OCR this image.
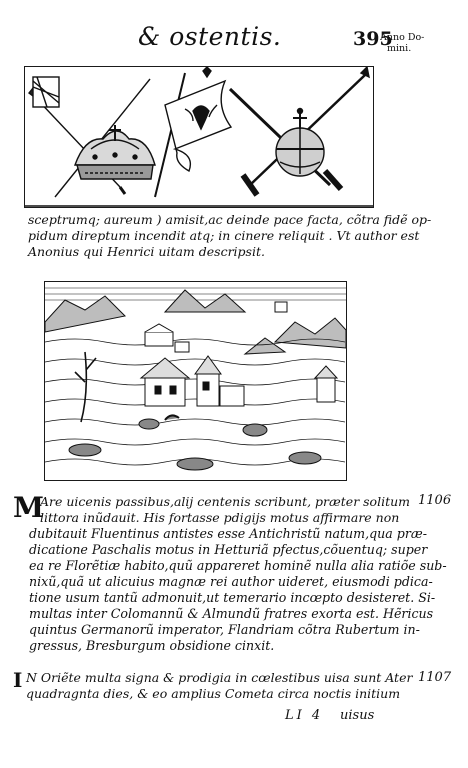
& ostentis.	395
Anno Do-
mini.
sceptrumq; aureum ) amisit,ac deinde pace facta, cõtra fidẽ op-
pidum direptum incendit atq; in cinere reliquit . Vt author est
Anonius qui Henrici uitam descripsit.
M
Are uicenis passibus,alij centenis scribunt, præter solitum 1106
littora inũdauit. His fortasse pdigijs motus affirmare non
dubitauit Fluentinus antistes esse Antichristũ natum,qua præ-
dicatione Paschalis motus in Hetturiã pfectus,cõuentuq; super
ea re Florẽtiæ habito,quũ appareret hominẽ nulla alia ratiõe sub-
nixũ,quã ut alicuius magnæ rei author uideret, eiusmodi pdica-
tione usum tantũ admonuit,ut temerario incœpto desisteret. Si-
multas inter Colomannũ & Almundũ fratres exorta est. Hẽricus
quintus Germanorũ imperator, Flandriam cõtra Rubertum in-
gressus, Bresburgum obsidione cinxit.
I N Oriẽte multa signa & prodigia in cœlestibus uisa sunt Ater 1107
quadragnta dies, & eo amplius Cometa circa noctis initium
LI 4 uisus
